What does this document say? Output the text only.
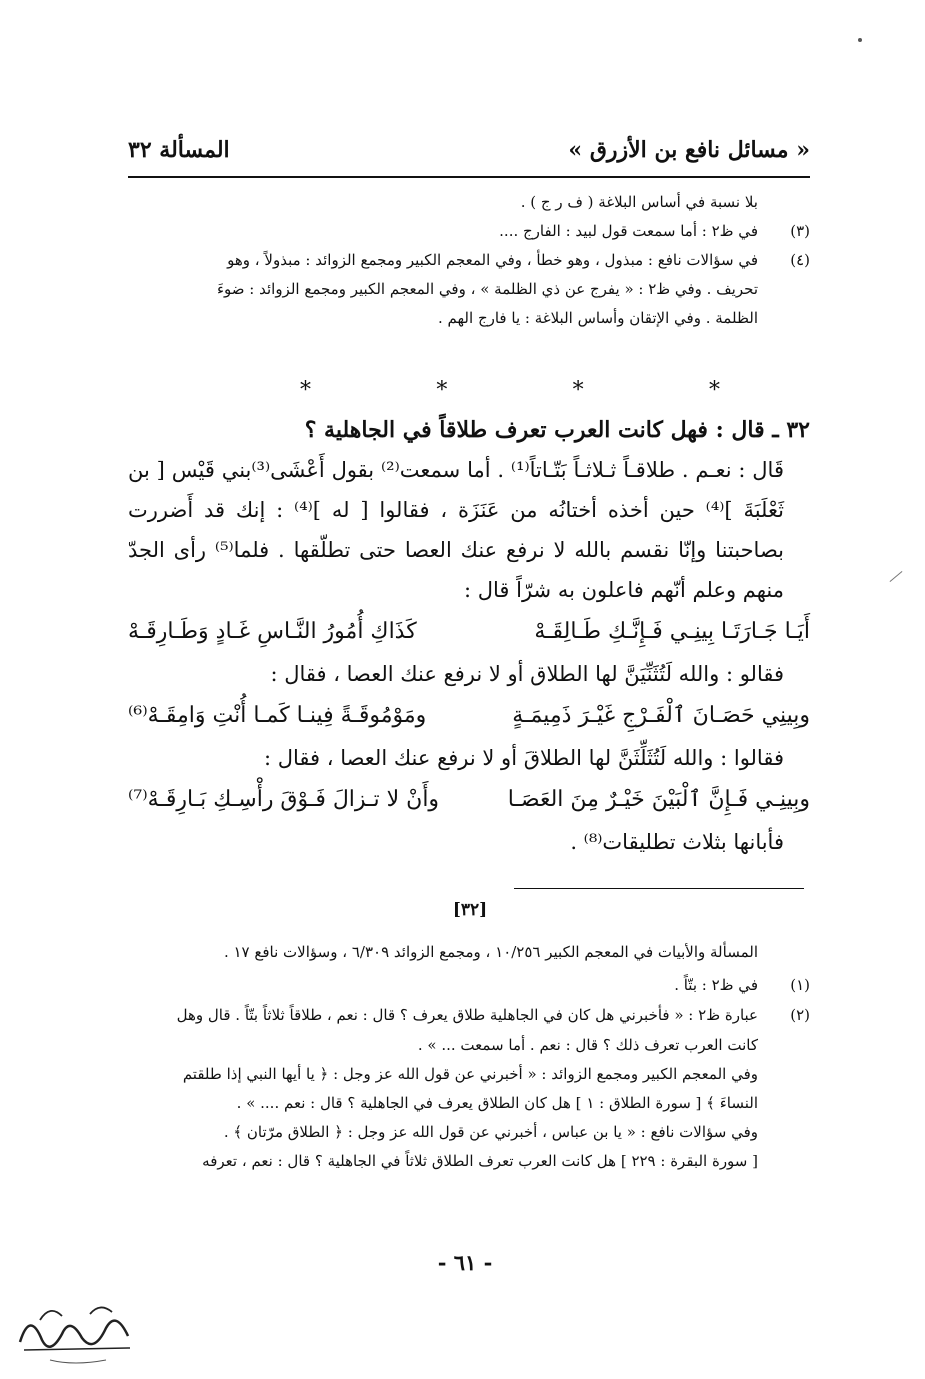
« مسائل نافع بن الأزرق »
المسألة ٣٢
بلا نسبة في أساس البلاغة ( ف ر ج ) .
(٣)
في ظ٢ : أما سمعت قول لبيد : الفارج ....
(٤)
في سؤالات نافع : مبذول ، وهو خطأ ، وفي المعجم الكبير ومجمع الزوائد : مبذولاً ، وهو
تحريف . وفي ظ٢ : « يفرج عن ذي الظلمة » ، وفي المعجم الكبير ومجمع الزوائد : ضوءَ
الظلمة . وفي الإتقان وأساس البلاغة : يا فارج الهم .
*
*
*
*

٣٢ ـ قال : فهل كانت العرب تعرف طلاقاً في الجاهلية ؟

قَال : نعـم . طلاقـاً ثـلاثـاً بَتّـاتاً⁽¹⁾ . أما سمعت⁽²⁾ بقول أَعْشَى⁽³⁾بني قَيْس [ بن ثَعْلَبَةَ ]⁽⁴⁾ حين أخذه أختانُه من عَنَزَة ، فقالوا [ له ]⁽⁴⁾ : إنك قد أَضررت بصاحبتنا وإنّا نقسم بالله لا نرفع عنك العصا حتى تطلّقها . فلما⁽⁵⁾ رأى الجدّ منهم وعلم أنّهم فاعلون به شرّاً قال :

أَيَـا جَـارَتَـا بِينِـي فَـإِنَّـكِ طَـالِقَـهْ
كَذَاكِ أُمُورُ النَّـاسِ غَـادٍ وَطَـارِقَـهْ

فقالو : والله لَتُثَنِّيَنَّ لها الطلاق أو لا نرفع عنك العصا ، فقال :

وبِينِي حَصَـانَ ٱلْفَـرْجِ غَيْـرَ ذَمِيمَـةٍ
ومَوْمُوقَـةً فِينـا كَمـا أُنْتِ وَامِقَـهْ⁽⁶⁾

فقالوا : والله لَتُثَلِّثَنَّ لها الطلاقَ أو لا نرفع عنك العصا ، فقال :

وبِينِـي فَـإِنَّ ٱلْبَيْنَ خَيْـرٌ مِنَ العَصَـا
وأَنْ لا تـزالَ فَـوْقَ رأْسِـكِ بَـارِقَـهْ⁽⁷⁾

فأبانها بثلاث تطليقات⁽⁸⁾ .

[٣٢]
المسألة والأبيات في المعجم الكبير ١٠/٢٥٦ ، ومجمع الزوائد ٦/٣٠٩ ، وسؤالات نافع ١٧ .
(١)
في ظ٢ : بتّاً .
(٢)
عبارة ظ٢ : « فأخبرني هل كان في الجاهلية طلاق يعرف ؟ قال : نعم ، طلاقاً ثلاثاً بتّاً . قال وهل
كانت العرب تعرف ذلك ؟ قال : نعم . أما سمعت ... » .
وفي المعجم الكبير ومجمع الزوائد : « أخبرني عن قول الله عز وجل : ﴿ يا أيها النبي إذا طلقتم
النساءَ ﴾ [ سورة الطلاق : ١ ] هل كان الطلاق يعرف في الجاهلية ؟ قال : نعم .... » .
وفي سؤالات نافع : « يا بن عباس ، أخبرني عن قول الله عز وجل : ﴿ الطلاق مرّتان ﴾ .
[ سورة البقرة : ٢٢٩ ] هل كانت العرب تعرف الطلاق ثلاثاً في الجاهلية ؟ قال : نعم ، تعرفه
- ٦١ -
